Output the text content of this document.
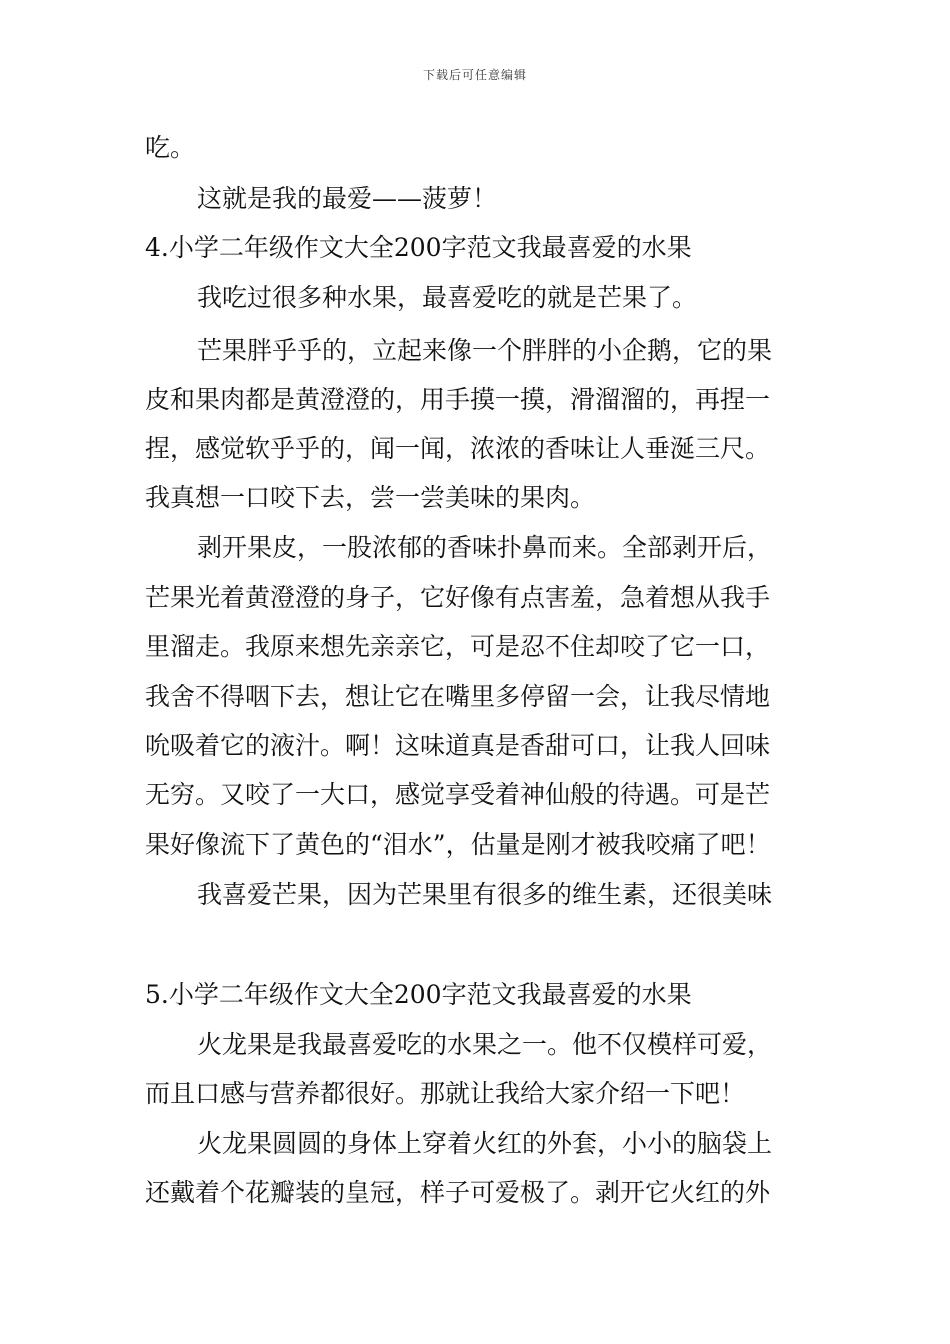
下载后可任意编辑
吃。
这就是我的最爱——菠萝！
4.小学二年级作文大全200字范文我最喜爱的水果
我吃过很多种水果，最喜爱吃的就是芒果了。
芒果胖乎乎的，立起来像一个胖胖的小企鹅，它的果
皮和果肉都是黄澄澄的，用手摸一摸，滑溜溜的，再捏一
捏，感觉软乎乎的，闻一闻，浓浓的香味让人垂涎三尺。
我真想一口咬下去，尝一尝美味的果肉。
剥开果皮，一股浓郁的香味扑鼻而来。全部剥开后，
芒果光着黄澄澄的身子，它好像有点害羞，急着想从我手
里溜走。我原来想先亲亲它，可是忍不住却咬了它一口，
我舍不得咽下去，想让它在嘴里多停留一会，让我尽情地
吮吸着它的液汁。啊！这味道真是香甜可口，让我人回味
无穷。又咬了一大口，感觉享受着神仙般的待遇。可是芒
果好像流下了黄色的“泪水”，估量是刚才被我咬痛了吧！
我喜爱芒果，因为芒果里有很多的维生素，还很美味
5.小学二年级作文大全200字范文我最喜爱的水果
火龙果是我最喜爱吃的水果之一。他不仅模样可爱，
而且口感与营养都很好。那就让我给大家介绍一下吧！
火龙果圆圆的身体上穿着火红的外套，小小的脑袋上
还戴着个花瓣装的皇冠，样子可爱极了。剥开它火红的外
